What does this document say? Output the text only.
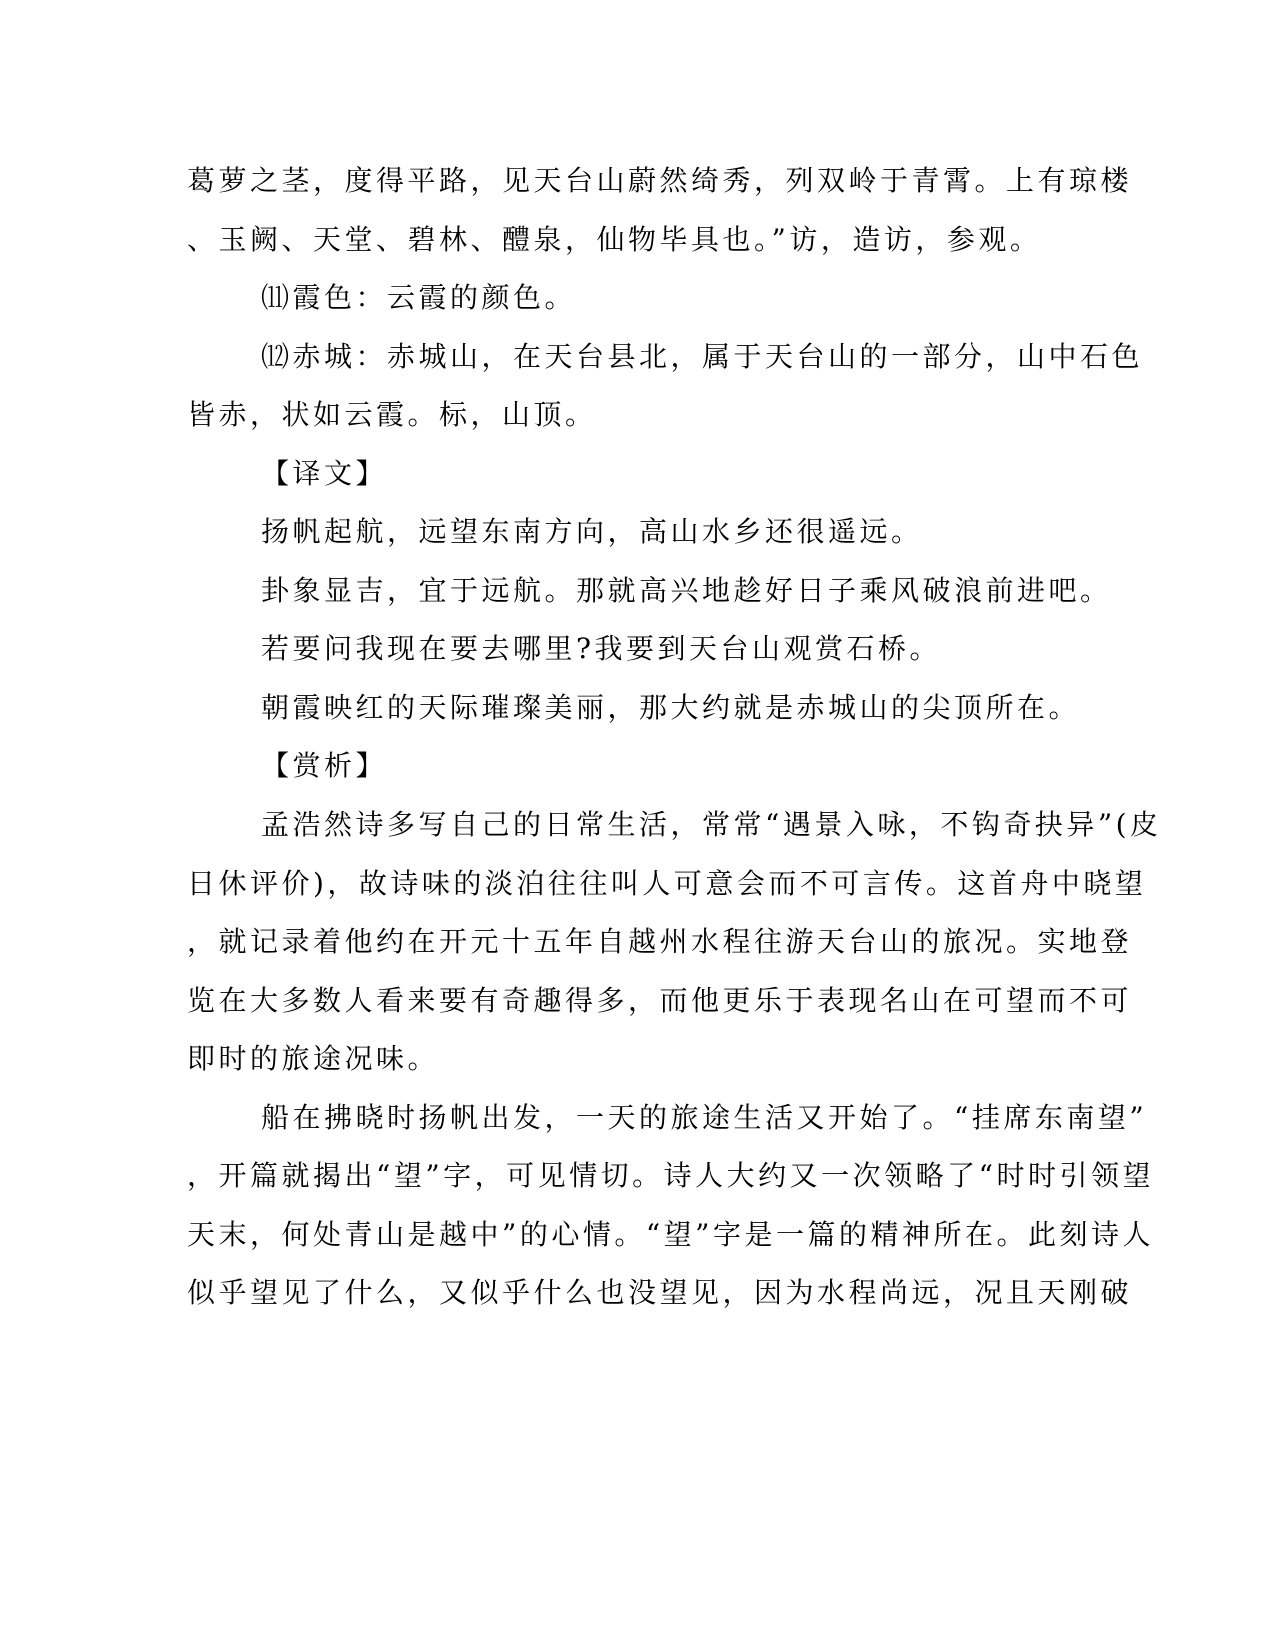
葛萝之茎，度得平路，见天台山蔚然绮秀，列双岭于青霄。上有琼楼

、玉阙、天堂、碧林、醴泉，仙物毕具也。”访，造访，参观。

⑾霞色：云霞的颜色。

⑿赤城：赤城山，在天台县北，属于天台山的一部分，山中石色

皆赤，状如云霞。标，山顶。

【译文】

扬帆起航，远望东南方向，高山水乡还很遥远。

卦象显吉，宜于远航。那就高兴地趁好日子乘风破浪前进吧。

若要问我现在要去哪里?我要到天台山观赏石桥。

朝霞映红的天际璀璨美丽，那大约就是赤城山的尖顶所在。

【赏析】

孟浩然诗多写自己的日常生活，常常“遇景入咏，不钩奇抉异”(皮

日休评价)，故诗味的淡泊往往叫人可意会而不可言传。这首舟中晓望

，就记录着他约在开元十五年自越州水程往游天台山的旅况。实地登

览在大多数人看来要有奇趣得多，而他更乐于表现名山在可望而不可

即时的旅途况味。

船在拂晓时扬帆出发，一天的旅途生活又开始了。“挂席东南望”

，开篇就揭出“望”字，可见情切。诗人大约又一次领略了“时时引领望

天末，何处青山是越中”的心情。“望”字是一篇的精神所在。此刻诗人

似乎望见了什么，又似乎什么也没望见，因为水程尚远，况且天刚破
